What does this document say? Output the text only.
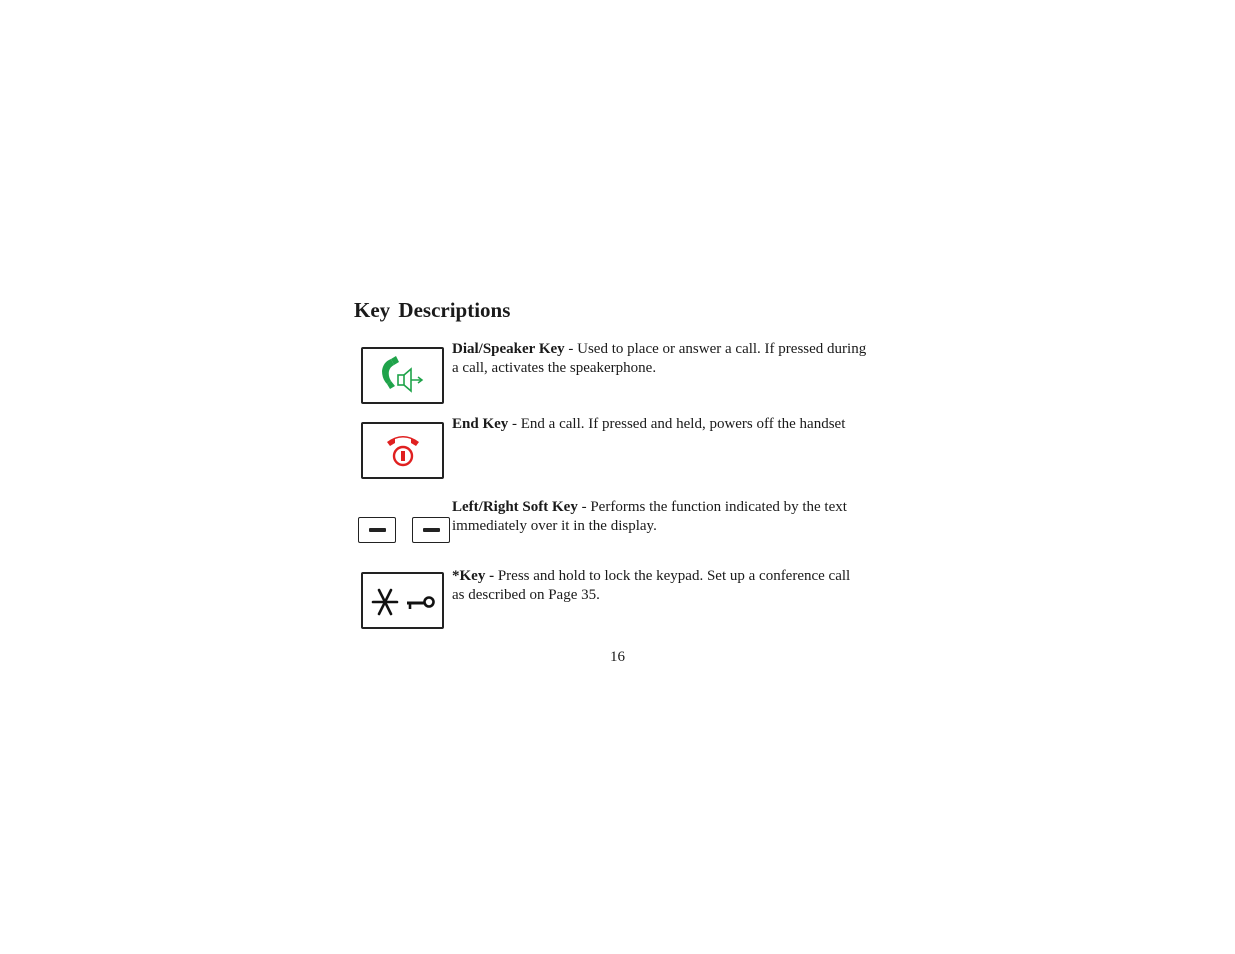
Key Descriptions
Dial/Speaker Key - Used to place or answer a call. If pressed during
a call, activates the speakerphone.
End Key - End a call. If pressed and held, powers off the handset
Left/Right Soft Key - Performs the function indicated by the text
immediately over it in the display.
*Key - Press and hold to lock the keypad. Set up a conference call
as described on Page 35.
16
